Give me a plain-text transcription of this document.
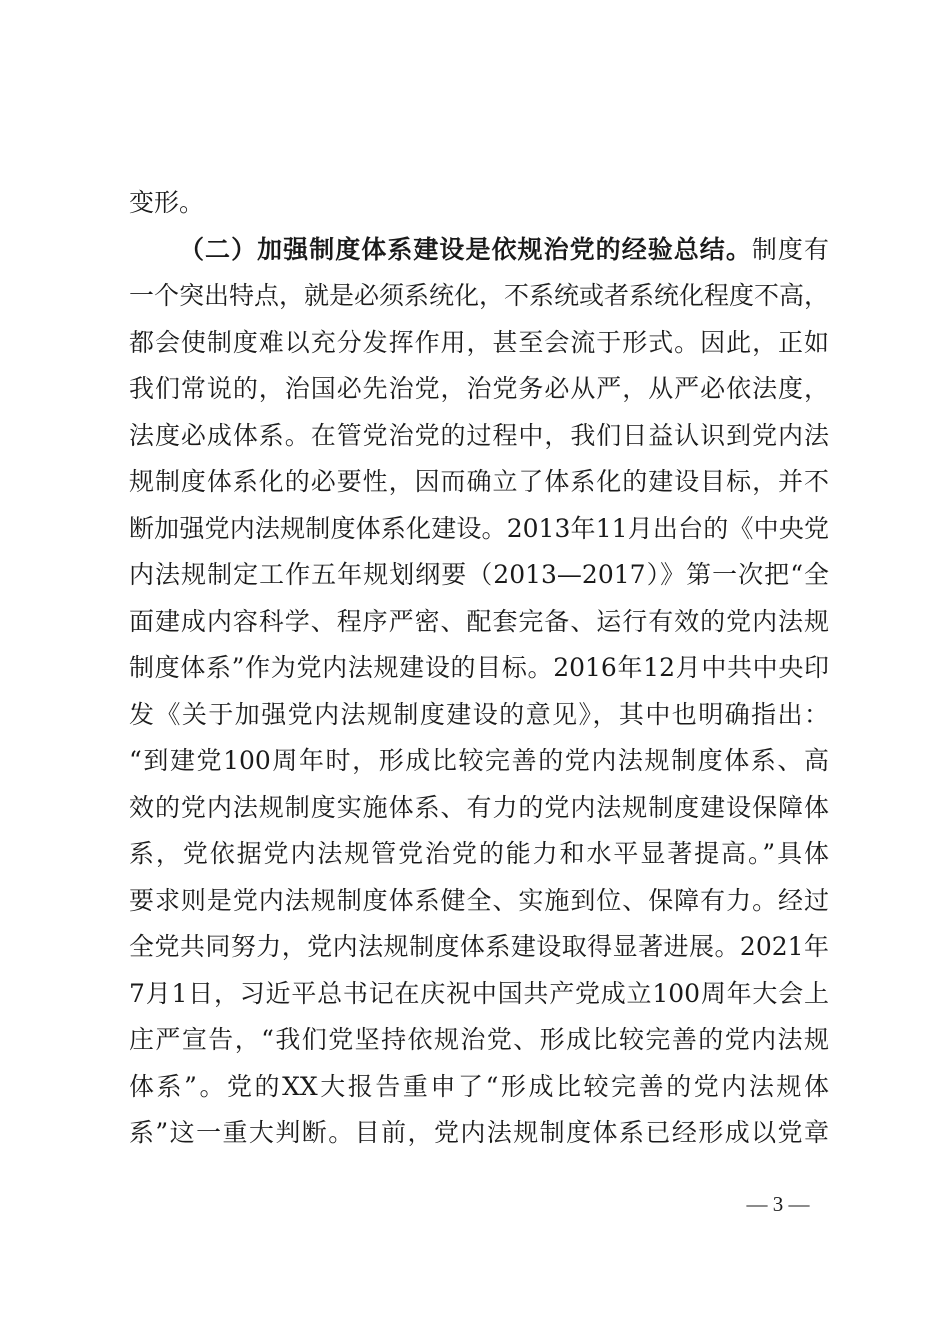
变形。
（二）加强制度体系建设是依规治党的经验总结。制度有
一个突出特点，就是必须系统化，不系统或者系统化程度不高，
都会使制度难以充分发挥作用，甚至会流于形式。因此，正如
我们常说的，治国必先治党，治党务必从严，从严必依法度，
法度必成体系。在管党治党的过程中，我们日益认识到党内法
规制度体系化的必要性，因而确立了体系化的建设目标，并不
断加强党内法规制度体系化建设。2013年11月出台的《中央党
内法规制定工作五年规划纲要（2013—2017）》第一次把“全
面建成内容科学、程序严密、配套完备、运行有效的党内法规
制度体系”作为党内法规建设的目标。2016年12月中共中央印
发《关于加强党内法规制度建设的意见》，其中也明确指出：
“到建党100周年时，形成比较完善的党内法规制度体系、高
效的党内法规制度实施体系、有力的党内法规制度建设保障体
系，党依据党内法规管党治党的能力和水平显著提高。”具体
要求则是党内法规制度体系健全、实施到位、保障有力。经过
全党共同努力，党内法规制度体系建设取得显著进展。2021年
7月1日，习近平总书记在庆祝中国共产党成立100周年大会上
庄严宣告，“我们党坚持依规治党、形成比较完善的党内法规
体系”。党的XX大报告重申了“形成比较完善的党内法规体
系”这一重大判断。目前，党内法规制度体系已经形成以党章
— 3 —
